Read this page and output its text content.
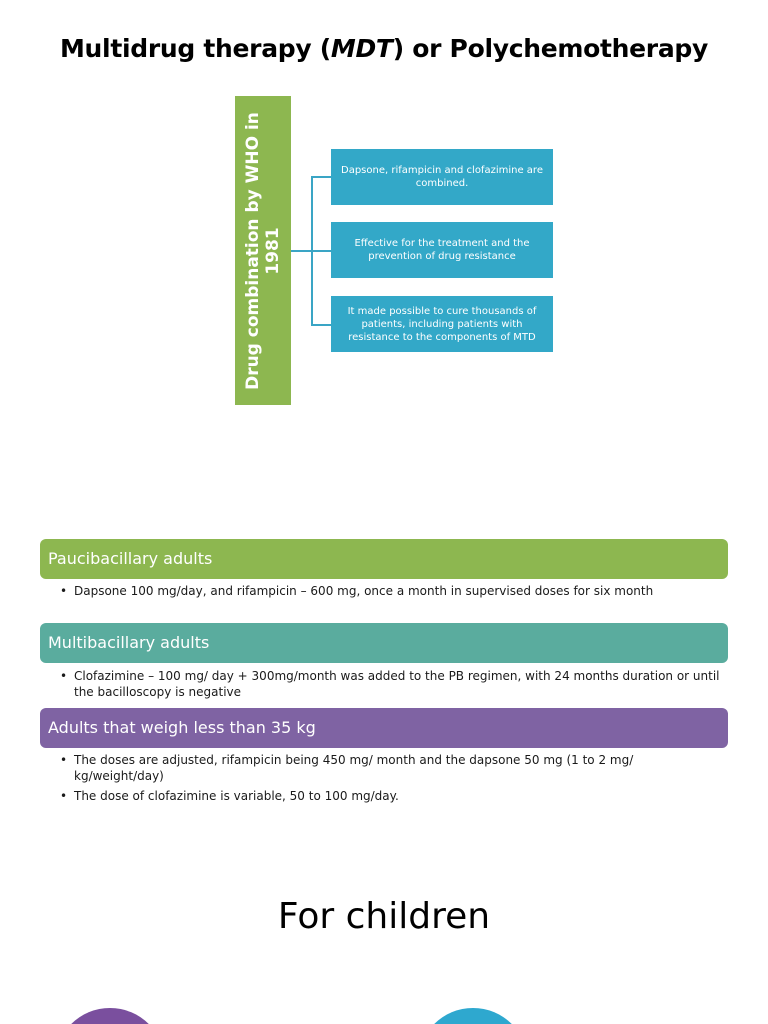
Multidrug therapy (MDT) or Polychemotherapy
Drug combination by WHO in 1981
Dapsone, rifampicin and clofazimine are combined.
Effective for the treatment and the prevention of drug resistance
It made possible to cure thousands of patients, including patients with resistance to the components of MTD
Paucibacillary adults
• Dapsone 100 mg/day, and rifampicin – 600 mg, once a month in supervised doses for six month
Multibacillary adults
• Clofazimine – 100 mg/ day + 300mg/month was added to the PB regimen, with 24 months duration or until the bacilloscopy is negative
Adults that weigh less than 35 kg
• The doses are adjusted, rifampicin being 450 mg/ month and the dapsone 50 mg (1 to 2 mg/ kg/weight/day)
• The dose of clofazimine is variable, 50 to 100 mg/day.
For children
